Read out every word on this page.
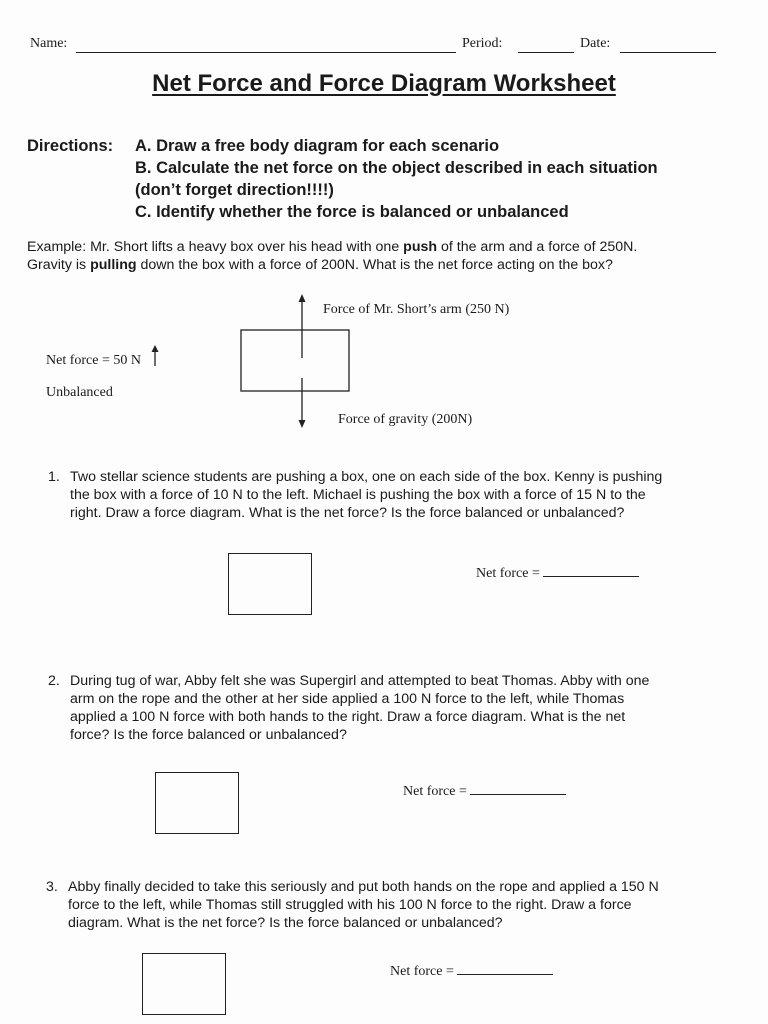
Name:	Period:	Date:
Net Force and Force Diagram Worksheet
Directions: A. Draw a free body diagram for each scenario
B. Calculate the net force on the object described in each situation
(don’t forget direction!!!!)
C. Identify whether the force is balanced or unbalanced
Example: Mr. Short lifts a heavy box over his head with one push of the arm and a force of 250N.
Gravity is pulling down the box with a force of 200N. What is the net force acting on the box?
Net force = 50 N
Unbalanced
Force of Mr. Short’s arm (250 N)
Force of gravity (200N)
1. Two stellar science students are pushing a box, one on each side of the box. Kenny is pushing
the box with a force of 10 N to the left. Michael is pushing the box with a force of 15 N to the
right. Draw a force diagram. What is the net force? Is the force balanced or unbalanced?
Net force =
2. During tug of war, Abby felt she was Supergirl and attempted to beat Thomas. Abby with one
arm on the rope and the other at her side applied a 100 N force to the left, while Thomas
applied a 100 N force with both hands to the right. Draw a force diagram. What is the net
force? Is the force balanced or unbalanced?
Net force =
3. Abby finally decided to take this seriously and put both hands on the rope and applied a 150 N
force to the left, while Thomas still struggled with his 100 N force to the right. Draw a force
diagram. What is the net force? Is the force balanced or unbalanced?
Net force =
